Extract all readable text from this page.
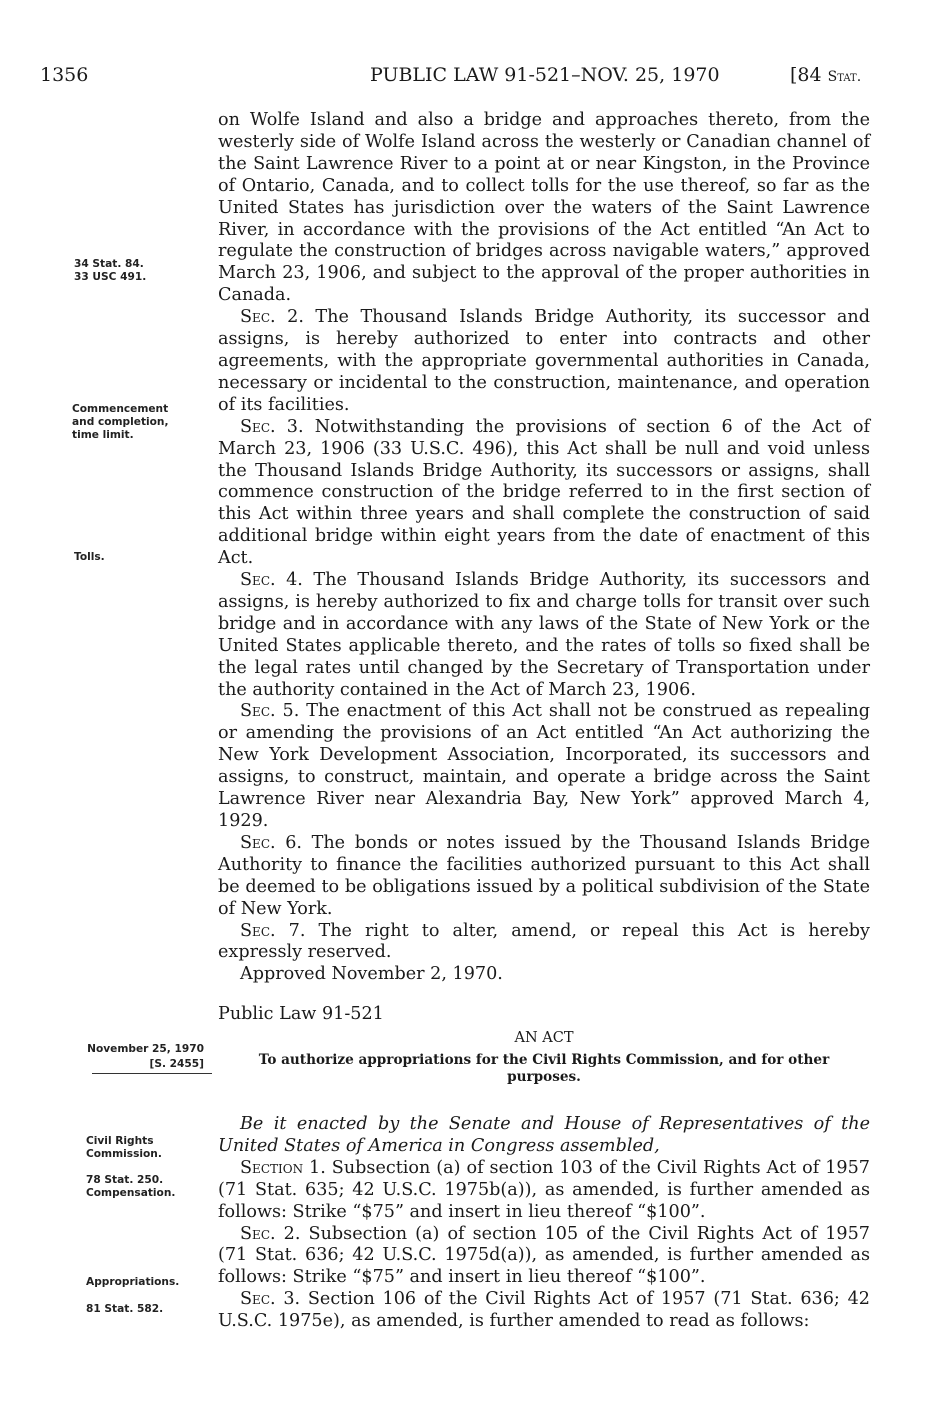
1356	PUBLIC LAW 91-521–NOV. 25, 1970	[84 Stat.
34 Stat. 84.
33 USC 491.
Commencement
and completion,
time limit.
Tolls.
November 25, 1970
[S. 2455]
Civil Rights
Commission.
78 Stat. 250.
Compensation.
Appropriations.
81 Stat. 582.

on Wolfe Island and also a bridge and approaches thereto, from the westerly side of Wolfe Island across the westerly or Canadian channel of the Saint Lawrence River to a point at or near Kingston, in the Province of Ontario, Canada, and to collect tolls for the use thereof, so far as the United States has jurisdiction over the waters of the Saint Lawrence River, in accordance with the provisions of the Act entitled “An Act to regulate the construction of bridges across navigable waters,” approved March 23, 1906, and subject to the approval of the proper authorities in Canada.

Sec. 2. The Thousand Islands Bridge Authority, its successor and assigns, is hereby authorized to enter into contracts and other agreements, with the appropriate governmental authorities in Canada, necessary or incidental to the construction, maintenance, and operation of its facilities.

Sec. 3. Notwithstanding the provisions of section 6 of the Act of March 23, 1906 (33 U.S.C. 496), this Act shall be null and void unless the Thousand Islands Bridge Authority, its successors or assigns, shall commence construction of the bridge referred to in the first section of this Act within three years and shall complete the construction of said additional bridge within eight years from the date of enactment of this Act.

Sec. 4. The Thousand Islands Bridge Authority, its successors and assigns, is hereby authorized to fix and charge tolls for transit over such bridge and in accordance with any laws of the State of New York or the United States applicable thereto, and the rates of tolls so fixed shall be the legal rates until changed by the Secretary of Transportation under the authority contained in the Act of March 23, 1906.

Sec. 5. The enactment of this Act shall not be construed as repealing or amending the provisions of an Act entitled “An Act authorizing the New York Development Association, Incorporated, its successors and assigns, to construct, maintain, and operate a bridge across the Saint Lawrence River near Alexandria Bay, New York” approved March 4, 1929.

Sec. 6. The bonds or notes issued by the Thousand Islands Bridge Authority to finance the facilities authorized pursuant to this Act shall be deemed to be obligations issued by a political subdivision of the State of New York.

Sec. 7. The right to alter, amend, or repeal this Act is hereby expressly reserved.

Approved November 2, 1970.

Public Law 91-521
AN ACT
To authorize appropriations for the Civil Rights Commission, and for other purposes.

Be it enacted by the Senate and House of Representatives of the United States of America in Congress assembled,

Section 1. Subsection (a) of section 103 of the Civil Rights Act of 1957 (71 Stat. 635; 42 U.S.C. 1975b(a)), as amended, is further amended as follows: Strike “$75” and insert in lieu thereof “$100”.

Sec. 2. Subsection (a) of section 105 of the Civil Rights Act of 1957 (71 Stat. 636; 42 U.S.C. 1975d(a)), as amended, is further amended as follows: Strike “$75” and insert in lieu thereof “$100”.

Sec. 3. Section 106 of the Civil Rights Act of 1957 (71 Stat. 636; 42 U.S.C. 1975e), as amended, is further amended to read as follows:
